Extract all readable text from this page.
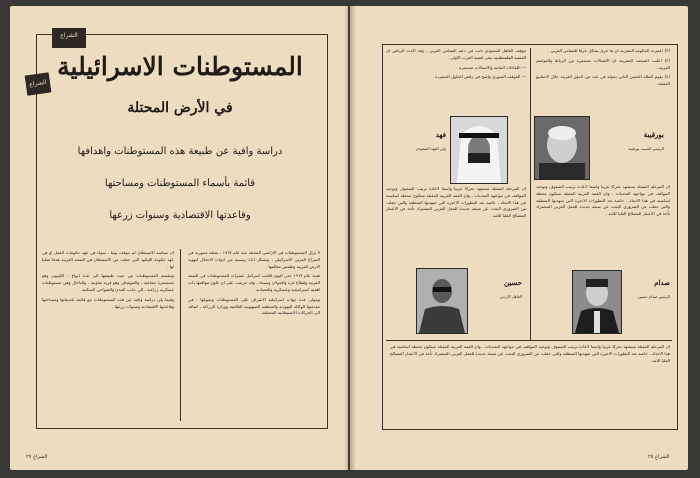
الشراع
الشراع
المستوطنات الاسرائيلية
في الأرض المحتلة
دراسة وافية عن طبيعة هذه المستوطنات واهدافها
قائمة بأسماء المستوطنات ومساحتها
وقاعدتها الاقتصادية وسنوات زرعها

لا تزال المستوطنات في الاراضي المحتلة منذ عام ١٩٦٧ ، نقطة محورية في الصراع العربي الاسرائيلي ، وتشكل اداة رئيسية من ادوات الاحتلال لتهويد الارض العربية وطمس معالمها .

فمنذ عام ١٩٦٧ حتى اليوم اقامت اسرائيل عشرات المستوطنات في الضفة الغربية وقطاع غزة والجولان وسيناء ، وقد حرصت على ان تكون مواقعها ذات اهمية استراتيجية وعسكرية واقتصادية .

وتتولى عدة جهات اسرائيلية الاشراف على المستوطنات وتمويلها ، في مقدمتها الوكالة اليهودية والمنظمة الصهيونية العالمية ووزارة الزراعة ، اضافة الى الحركات الاستيطانية المختلفة .

ان سياسة الاستيطان لم تتوقف يوما ، سواء في عهد حكومات العمل او في عهد حكومة الليكود التي جعلت من الاستيطان في الضفة الغربية هدفا معلنا لها .

وتنقسم المستوطنات من حيث طبيعتها الى عدة انواع : الكيبوتز وهو مستعمرة جماعية ، والموشاف وهو قرية تعاونية ، والناحال وهي مستوطنات عسكرية زراعية ، الى جانب المدن والضواحي السكنية .

وفيما يلي دراسة وافية عن هذه المستوطنات مع قائمة باسمائها ومساحتها وقاعدتها الاقتصادية وسنوات زرعها .

الشراع ٢٧

(٢) اعتبرت الحكومة المغربية ان ما جرى يشكل خرقا للتضامن العربي .

(٣) اعلنت الصحف المغربية ان الاتصالات مستمرة بين الرباط والعواصم العربية .

(٤) يقوم الملك الحسن الثاني بجولة في عدد من الدول العربية خلال الاسابيع المقبلة .

موقف العاهل السعودي ثابت في دعم التضامن العربي ، وقد اكدت الرياض ان القضية الفلسطينية تبقى قضية العرب الاولى .

— اللقاءات الثنائية والاتصالات مستمرة .

— الموقف السوري واضح في رفض الحلول المنفردة .

بورقيبة
الرئيس الحبيب بورقيبة
فهد
ولي العهد السعودي

ان المرحلة المقبلة ستشهد تحركا عربيا واسعا لاعادة ترتيب الصفوف وتوحيد المواقف في مواجهة التحديات ، وان القمة العربية المقبلة ستكون محطة اساسية في هذا الاتجاه ، خاصة بعد التطورات الاخيرة التي شهدتها المنطقة والتي جعلت من الضروري البحث عن صيغة جديدة للعمل العربي المشترك تأخذ في الاعتبار المصالح العليا للامة .

ان المرحلة المقبلة ستشهد تحركا عربيا واسعا لاعادة ترتيب الصفوف وتوحيد المواقف في مواجهة التحديات ، وان القمة العربية المقبلة ستكون محطة اساسية في هذا الاتجاه ، خاصة بعد التطورات الاخيرة التي شهدتها المنطقة والتي جعلت من الضروري البحث عن صيغة جديدة للعمل العربي المشترك تأخذ في الاعتبار المصالح العليا للامة .

صدام
الرئيس صدام حسين
حسين
العاهل الاردني

ان المرحلة المقبلة ستشهد تحركا عربيا واسعا لاعادة ترتيب الصفوف وتوحيد المواقف في مواجهة التحديات ، وان القمة العربية المقبلة ستكون محطة اساسية في هذا الاتجاه ، خاصة بعد التطورات الاخيرة التي شهدتها المنطقة والتي جعلت من الضروري البحث عن صيغة جديدة للعمل العربي المشترك تأخذ في الاعتبار المصالح العليا للامة .

الشراع ٢٥
